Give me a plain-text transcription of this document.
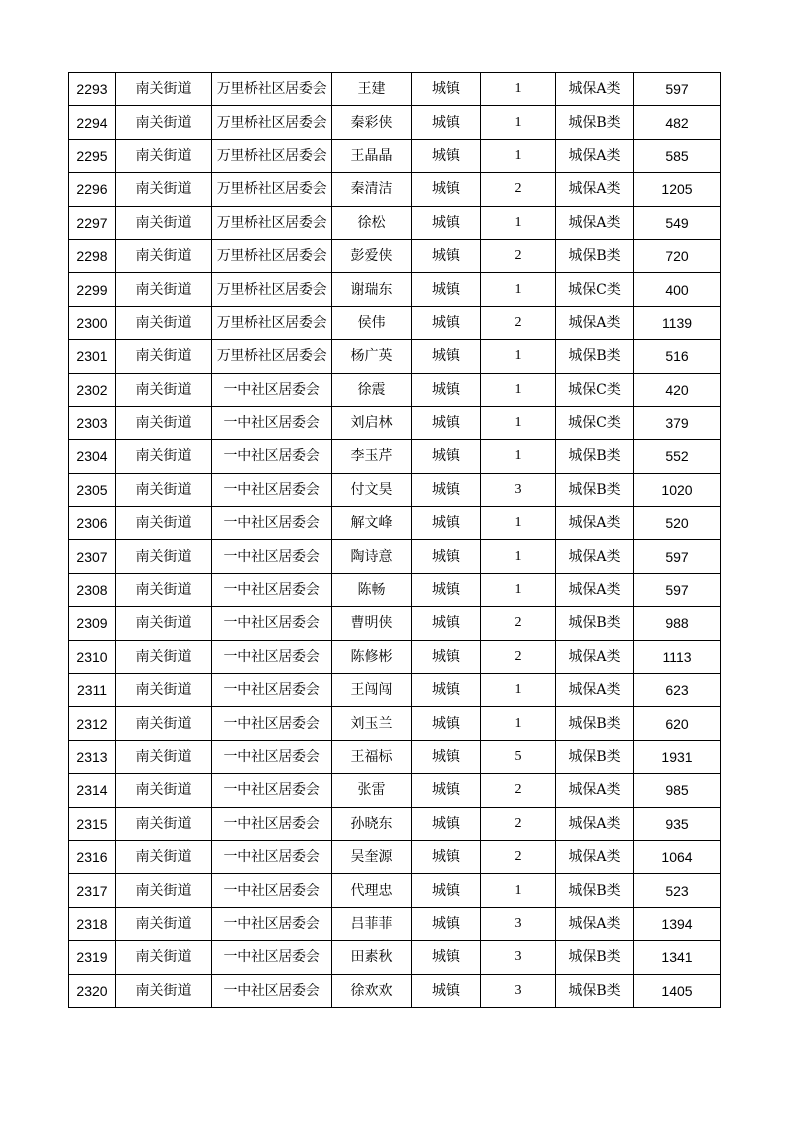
2293	南关街道	万里桥社区居委会	王建	城镇	1	城保A类	597
2294	南关街道	万里桥社区居委会	秦彩侠	城镇	1	城保B类	482
2295	南关街道	万里桥社区居委会	王晶晶	城镇	1	城保A类	585
2296	南关街道	万里桥社区居委会	秦清洁	城镇	2	城保A类	1205
2297	南关街道	万里桥社区居委会	徐松	城镇	1	城保A类	549
2298	南关街道	万里桥社区居委会	彭爱侠	城镇	2	城保B类	720
2299	南关街道	万里桥社区居委会	谢瑞东	城镇	1	城保C类	400
2300	南关街道	万里桥社区居委会	侯伟	城镇	2	城保A类	1139
2301	南关街道	万里桥社区居委会	杨广英	城镇	1	城保B类	516
2302	南关街道	一中社区居委会	徐震	城镇	1	城保C类	420
2303	南关街道	一中社区居委会	刘启林	城镇	1	城保C类	379
2304	南关街道	一中社区居委会	李玉芹	城镇	1	城保B类	552
2305	南关街道	一中社区居委会	付文昊	城镇	3	城保B类	1020
2306	南关街道	一中社区居委会	解文峰	城镇	1	城保A类	520
2307	南关街道	一中社区居委会	陶诗意	城镇	1	城保A类	597
2308	南关街道	一中社区居委会	陈畅	城镇	1	城保A类	597
2309	南关街道	一中社区居委会	曹明侠	城镇	2	城保B类	988
2310	南关街道	一中社区居委会	陈修彬	城镇	2	城保A类	1113
2311	南关街道	一中社区居委会	王闯闯	城镇	1	城保A类	623
2312	南关街道	一中社区居委会	刘玉兰	城镇	1	城保B类	620
2313	南关街道	一中社区居委会	王福标	城镇	5	城保B类	1931
2314	南关街道	一中社区居委会	张雷	城镇	2	城保A类	985
2315	南关街道	一中社区居委会	孙晓东	城镇	2	城保A类	935
2316	南关街道	一中社区居委会	吴奎源	城镇	2	城保A类	1064
2317	南关街道	一中社区居委会	代理忠	城镇	1	城保B类	523
2318	南关街道	一中社区居委会	吕菲菲	城镇	3	城保A类	1394
2319	南关街道	一中社区居委会	田素秋	城镇	3	城保B类	1341
2320	南关街道	一中社区居委会	徐欢欢	城镇	3	城保B类	1405
